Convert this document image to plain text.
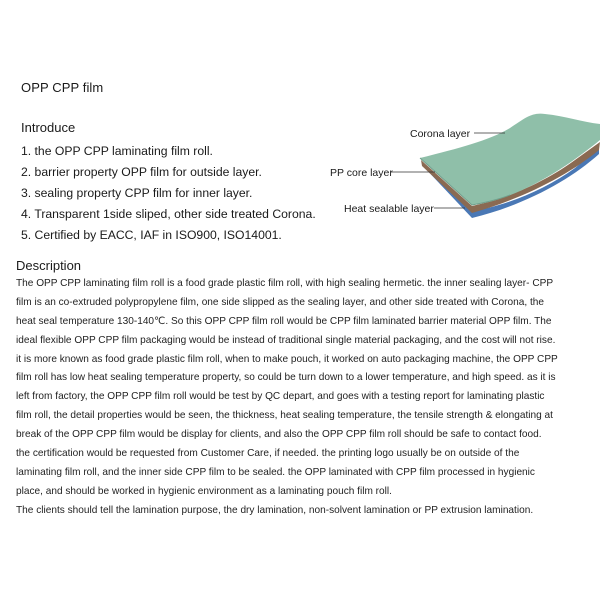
OPP CPP film
Introduce
1. the OPP CPP laminating film roll.
2. barrier property OPP film for outside layer.
3. sealing property CPP film for inner layer.
4. Transparent 1side sliped, other side treated Corona.
5. Certified by EACC, IAF in ISO900, ISO14001.
Corona layer
PP core layer
Heat sealable layer
Description
The OPP CPP laminating film roll is a food grade plastic film roll, with high sealing hermetic. the inner sealing layer- CPP
film is an co-extruded polypropylene film, one side slipped as the sealing layer, and other side treated with Corona, the
heat seal temperature 130-140℃. So this OPP CPP film roll would be CPP film laminated barrier material OPP film. The
ideal flexible OPP CPP film packaging would be instead of traditional single material packaging, and the cost will not rise.
it is more known as food grade plastic film roll, when to make pouch, it worked on auto packaging machine, the OPP CPP
film roll has low heat sealing temperature property, so could be turn down to a lower temperature, and high speed. as it is
left from factory, the OPP CPP film roll would be test by QC depart, and goes with a testing report for laminating plastic
film roll, the detail properties would be seen, the thickness, heat sealing temperature, the tensile strength & elongating at
break of the OPP CPP film would be display for clients, and also the OPP CPP film roll should be safe to contact food.
the certification would be requested from Customer Care, if needed. the printing logo usually be on outside of the
laminating film roll, and the inner side CPP film to be sealed. the OPP laminated with CPP film processed in hygienic
place, and should be worked in hygienic environment as a laminating pouch film roll.
The clients should tell the lamination purpose, the dry lamination, non-solvent lamination or PP extrusion lamination.
